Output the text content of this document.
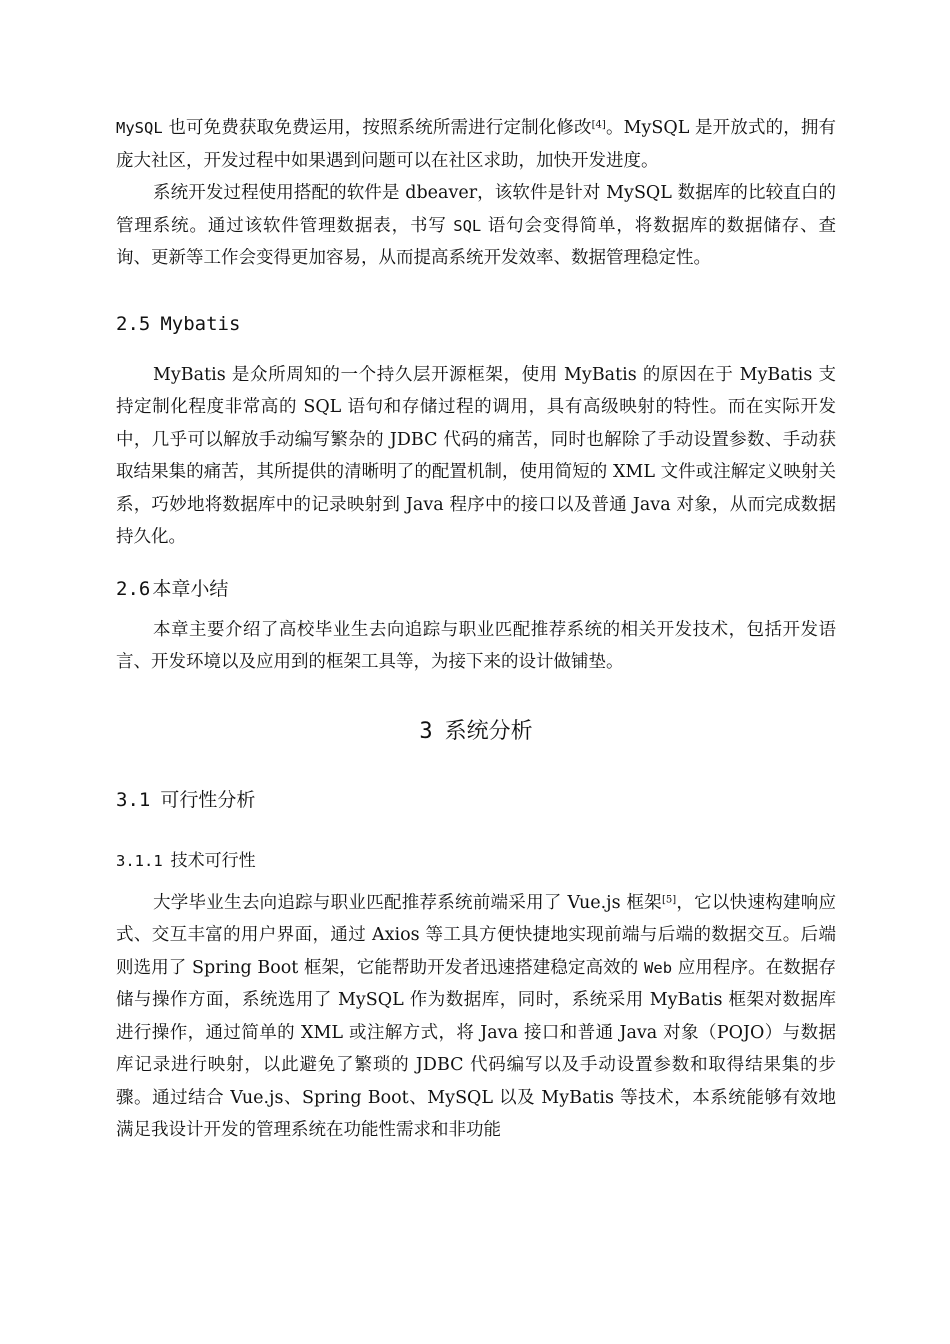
MySQL 也可免费获取免费运用，按照系统所需进行定制化修改[4]。MySQL 是开放式的，拥有庞大社区，开发过程中如果遇到问题可以在社区求助，加快开发进度。

系统开发过程使用搭配的软件是 dbeaver，该软件是针对 MySQL 数据库的比较直白的管理系统。通过该软件管理数据表，书写 SQL 语句会变得简单，将数据库的数据储存、查询、更新等工作会变得更加容易，从而提高系统开发效率、数据管理稳定性。

2.5 Mybatis

MyBatis 是众所周知的一个持久层开源框架，使用 MyBatis 的原因在于 MyBatis 支持定制化程度非常高的 SQL 语句和存储过程的调用，具有高级映射的特性。而在实际开发中，几乎可以解放手动编写繁杂的 JDBC 代码的痛苦，同时也解除了手动设置参数、手动获取结果集的痛苦，其所提供的清晰明了的配置机制，使用简短的 XML 文件或注解定义映射关系，巧妙地将数据库中的记录映射到 Java 程序中的接口以及普通 Java 对象，从而完成数据持久化。

2.6 本章小结

本章主要介绍了高校毕业生去向追踪与职业匹配推荐系统的相关开发技术，包括开发语言、开发环境以及应用到的框架工具等，为接下来的设计做铺垫。

3 系统分析
3.1 可行性分析
3.1.1 技术可行性

大学毕业生去向追踪与职业匹配推荐系统前端采用了 Vue.js 框架[5]，它以快速构建响应式、交互丰富的用户界面，通过 Axios 等工具方便快捷地实现前端与后端的数据交互。后端则选用了 Spring Boot 框架，它能帮助开发者迅速搭建稳定高效的 Web 应用程序。在数据存储与操作方面，系统选用了 MySQL 作为数据库，同时，系统采用 MyBatis 框架对数据库进行操作，通过简单的 XML 或注解方式，将 Java 接口和普通 Java 对象（POJO）与数据库记录进行映射，以此避免了繁琐的 JDBC 代码编写以及手动设置参数和取得结果集的步骤。通过结合 Vue.js、Spring Boot、MySQL 以及 MyBatis 等技术，本系统能够有效地满足我设计开发的管理系统在功能性需求和非功能
